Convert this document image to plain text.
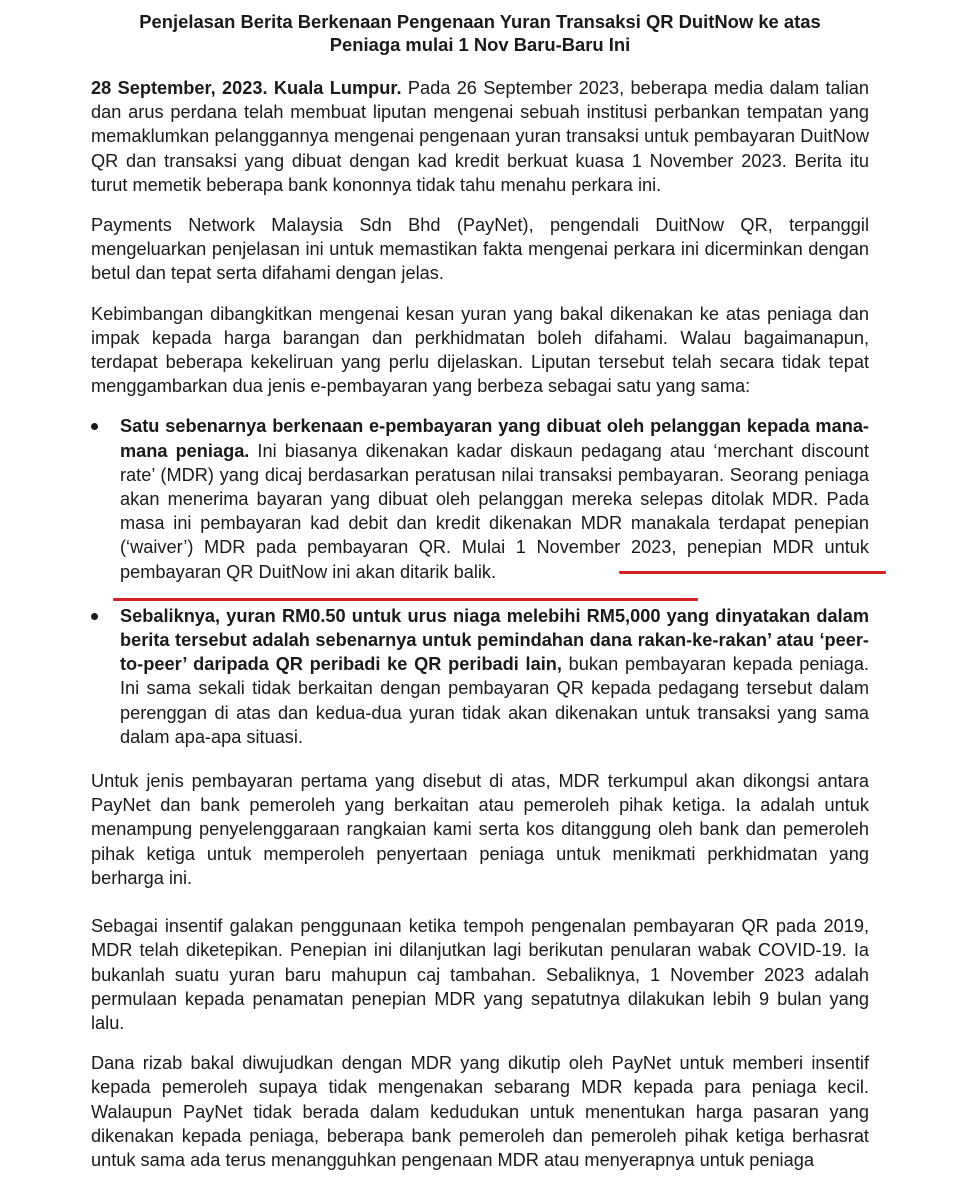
Penjelasan Berita Berkenaan Pengenaan Yuran Transaksi QR DuitNow ke atas
Peniaga mulai 1 Nov Baru-Baru Ini

28 September, 2023. Kuala Lumpur. Pada 26 September 2023, beberapa media dalam talian dan arus perdana telah membuat liputan mengenai sebuah institusi perbankan tempatan yang memaklumkan pelanggannya mengenai pengenaan yuran transaksi untuk pembayaran DuitNow QR dan transaksi yang dibuat dengan kad kredit berkuat kuasa 1 November 2023. Berita itu turut memetik beberapa bank kononnya tidak tahu menahu perkara ini.

Payments Network Malaysia Sdn Bhd (PayNet), pengendali DuitNow QR, terpanggil mengeluarkan penjelasan ini untuk memastikan fakta mengenai perkara ini dicerminkan dengan betul dan tepat serta difahami dengan jelas.

Kebimbangan dibangkitkan mengenai kesan yuran yang bakal dikenakan ke atas peniaga dan impak kepada harga barangan dan perkhidmatan boleh difahami. Walau bagaimanapun, terdapat beberapa kekeliruan yang perlu dijelaskan. Liputan tersebut telah secara tidak tepat menggambarkan dua jenis e-pembayaran yang berbeza sebagai satu yang sama:

Satu sebenarnya berkenaan e-pembayaran yang dibuat oleh pelanggan kepada mana-mana peniaga. Ini biasanya dikenakan kadar diskaun pedagang atau ‘merchant discount rate’ (MDR) yang dicaj berdasarkan peratusan nilai transaksi pembayaran. Seorang peniaga akan menerima bayaran yang dibuat oleh pelanggan mereka selepas ditolak MDR. Pada masa ini pembayaran kad debit dan kredit dikenakan MDR manakala terdapat penepian (‘waiver’) MDR pada pembayaran QR. Mulai 1 November 2023, penepian MDR untuk pembayaran QR DuitNow ini akan ditarik balik.

Sebaliknya, yuran RM0.50 untuk urus niaga melebihi RM5,000 yang dinyatakan dalam berita tersebut adalah sebenarnya untuk pemindahan dana rakan-ke-rakan’ atau ‘peer-to-peer’ daripada QR peribadi ke QR peribadi lain, bukan pembayaran kepada peniaga. Ini sama sekali tidak berkaitan dengan pembayaran QR kepada pedagang tersebut dalam perenggan di atas dan kedua-dua yuran tidak akan dikenakan untuk transaksi yang sama dalam apa-apa situasi.

Untuk jenis pembayaran pertama yang disebut di atas, MDR terkumpul akan dikongsi antara PayNet dan bank pemeroleh yang berkaitan atau pemeroleh pihak ketiga. Ia adalah untuk menampung penyelenggaraan rangkaian kami serta kos ditanggung oleh bank dan pemeroleh pihak ketiga untuk memperoleh penyertaan peniaga untuk menikmati perkhidmatan yang berharga ini.

Sebagai insentif galakan penggunaan ketika tempoh pengenalan pembayaran QR pada 2019, MDR telah diketepikan. Penepian ini dilanjutkan lagi berikutan penularan wabak COVID-19. Ia bukanlah suatu yuran baru mahupun caj tambahan. Sebaliknya, 1 November 2023 adalah permulaan kepada penamatan penepian MDR yang sepatutnya dilakukan lebih 9 bulan yang lalu.

Dana rizab bakal diwujudkan dengan MDR yang dikutip oleh PayNet untuk memberi insentif kepada pemeroleh supaya tidak mengenakan sebarang MDR kepada para peniaga kecil. Walaupun PayNet tidak berada dalam kedudukan untuk menentukan harga pasaran yang dikenakan kepada peniaga, beberapa bank pemeroleh dan pemeroleh pihak ketiga berhasrat untuk sama ada terus menangguhkan pengenaan MDR atau menyerapnya untuk peniaga
